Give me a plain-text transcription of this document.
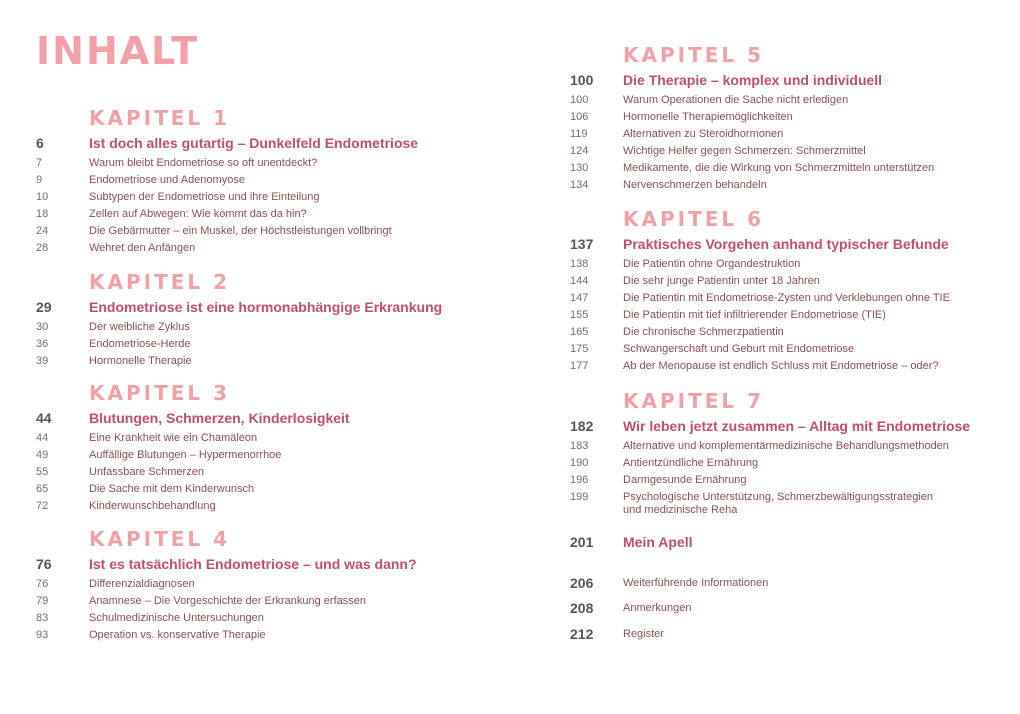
INHALT
KAPITEL 1
6	Ist doch alles gutartig – Dunkelfeld Endometriose
7	Warum bleibt Endometriose so oft unentdeckt?
9	Endometriose und Adenomyose
10	Subtypen der Endometriose und ihre Einteilung
18	Zellen auf Abwegen: Wie kommt das da hin?
24	Die Gebärmutter – ein Muskel, der Höchstleistungen vollbringt
28	Wehret den Anfängen
KAPITEL 2
29	Endometriose ist eine hormonabhängige Erkrankung
30	Der weibliche Zyklus
36	Endometriose-Herde
39	Hormonelle Therapie
KAPITEL 3
44	Blutungen, Schmerzen, Kinderlosigkeit
44	Eine Krankheit wie ein Chamäleon
49	Auffällige Blutungen – Hypermenorrhoe
55	Unfassbare Schmerzen
65	Die Sache mit dem Kinderwunsch
72	Kinderwunschbehandlung
KAPITEL 4
76	Ist es tatsächlich Endometriose – und was dann?
76	Differenzialdiagnosen
79	Anamnese – Die Vorgeschichte der Erkrankung erfassen
83	Schulmedizinische Untersuchungen
93	Operation vs. konservative Therapie
KAPITEL 5
100	Die Therapie – komplex und individuell
100	Warum Operationen die Sache nicht erledigen
106	Hormonelle Therapiemöglichkeiten
119	Alternativen zu Steroidhormonen
124	Wichtige Helfer gegen Schmerzen: Schmerzmittel
130	Medikamente, die die Wirkung von Schmerzmitteln unterstützen
134	Nervenschmerzen behandeln
KAPITEL 6
137	Praktisches Vorgehen anhand typischer Befunde
138	Die Patientin ohne Organdestruktion
144	Die sehr junge Patientin unter 18 Jahren
147	Die Patientin mit Endometriose-Zysten und Verklebungen ohne TIE
155	Die Patientin mit tief infiltrierender Endometriose (TIE)
165	Die chronische Schmerzpatientin
175	Schwangerschaft und Geburt mit Endometriose
177	Ab der Menopause ist endlich Schluss mit Endometriose – oder?
KAPITEL 7
182	Wir leben jetzt zusammen – Alltag mit Endometriose
183	Alternative und komplementärmedizinische Behandlungsmethoden
190	Antientzündliche Ernährung
196	Darmgesunde Ernährung
199	Psychologische Unterstützung, Schmerzbewältigungsstrategien und medizinische Reha
201	Mein Apell
206	Weiterführende Informationen
208	Anmerkungen
212	Register
